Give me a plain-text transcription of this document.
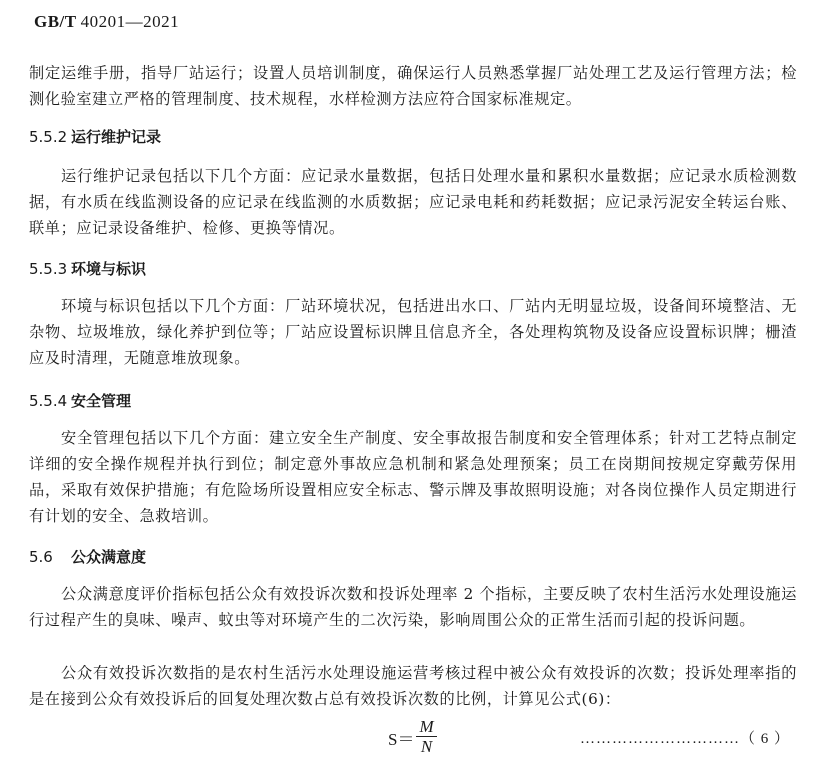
GB/T 40201—2021
制定运维手册，指导厂站运行；设置人员培训制度，确保运行人员熟悉掌握厂站处理工艺及运行管理方法；检测化验室建立严格的管理制度、技术规程，水样检测方法应符合国家标准规定。
5.5.2 运行维护记录
运行维护记录包括以下几个方面：应记录水量数据，包括日处理水量和累积水量数据；应记录水质检测数据，有水质在线监测设备的应记录在线监测的水质数据；应记录电耗和药耗数据；应记录污泥安全转运台账、联单；应记录设备维护、检修、更换等情况。
5.5.3 环境与标识
环境与标识包括以下几个方面：厂站环境状况，包括进出水口、厂站内无明显垃圾，设备间环境整洁、无杂物、垃圾堆放，绿化养护到位等；厂站应设置标识牌且信息齐全，各处理构筑物及设备应设置标识牌；栅渣应及时清理，无随意堆放现象。
5.5.4 安全管理
安全管理包括以下几个方面：建立安全生产制度、安全事故报告制度和安全管理体系；针对工艺特点制定详细的安全操作规程并执行到位；制定意外事故应急机制和紧急处理预案；员工在岗期间按规定穿戴劳保用品，采取有效保护措施；有危险场所设置相应安全标志、警示牌及事故照明设施；对各岗位操作人员定期进行有计划的安全、急救培训。
5.6 公众满意度
公众满意度评价指标包括公众有效投诉次数和投诉处理率 2 个指标，主要反映了农村生活污水处理设施运行过程产生的臭味、噪声、蚊虫等对环境产生的二次污染，影响周围公众的正常生活而引起的投诉问题。
公众有效投诉次数指的是农村生活污水处理设施运营考核过程中被公众有效投诉的次数；投诉处理率指的是在接到公众有效投诉后的回复处理次数占总有效投诉次数的比例，计算见公式(6)：
$S= \frac{M}{N}$	…………………………（ 6 ）
